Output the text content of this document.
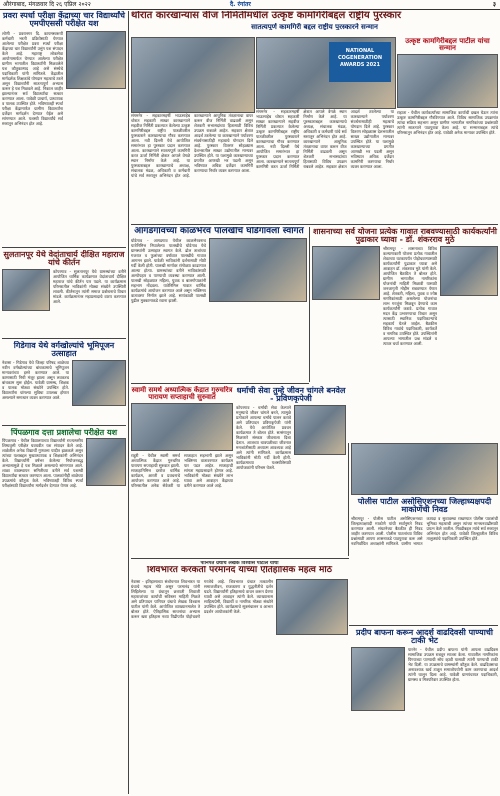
औरंगाबाद, मंगळवार दि २६ एप्रिल २०२२	दै. रंगांतर	३
प्रवरा स्पर्धा परीक्षा केंद्राच्या चार विद्यार्थ्यांचे एमपीएससी परीक्षेत यश

लोणी - प्रवरानगर दि. कायमस्वरूपी कर्मचारी भरती प्रक्रियेसाठी घेण्यात आलेल्या परीक्षेत प्रवरा स्पर्धा परीक्षा केंद्राच्या चार विद्यार्थ्यांनी उत्तुंग यश संपादन केले आहे. महाराष्ट्र लोकसेवा आयोगामार्फत घेण्यात आलेल्या परीक्षेत ग्रामीण भागातील विद्यार्थ्यांनी मिळवलेले यश कौतुकास्पद आहे असे संस्थेचे पदाधिकारी यांनी सांगितले. केंद्रातील मार्गदर्शक शिक्षकांचे योगदान महत्वाचे ठरले असून विद्यार्थ्यांनी सातत्यपूर्ण अभ्यास करून हे यश मिळवले आहे. निकाल जाहीर झाल्यानंतर सर्व विद्यार्थ्यांचा सत्कार करण्यात आला. यावेळी प्राचार्य, प्राध्यापक व पालक उपस्थित होते. भविष्यातही स्पर्धा परीक्षा केंद्रामार्फत ग्रामीण विद्यार्थ्यांना दर्जेदार मार्गदर्शन देण्यात येईल असे सांगण्यात आले. यशस्वी विद्यार्थ्यांचे सर्व स्तरातून अभिनंदन होत आहे.

सुलतानपूर येथे वेदांताचार्य दीक्षित महाराज यांचे कीर्तन

कोपरगाव - सुलतानपूर येथे ग्रामस्थांच्या वतीने आयोजित धार्मिक कार्यक्रमात वेदांताचार्य दीक्षित महाराज यांचे कीर्तन पार पडले. या कार्यक्रमास परिसरातील भाविकांनी मोठ्या संख्येने उपस्थिती लावली. कीर्तनातून त्यांनी समाज प्रबोधनाचे विचार मांडले. कार्यक्रमानंतर महाप्रसादाचे वाटप करण्यात आले.

गिडेगाव येथे वर्गखोल्यांचे भूमिपूजन उत्साहात

नेवासा - गिडेगाव येथे जिल्हा परिषद शाळेच्या नवीन वर्गखोल्यांच्या बांधकामाचे भूमिपूजन मान्यवरांच्या हस्ते करण्यात आले. या कामासाठी निधी मंजूर झाला असून लवकरच बांधकाम सुरू होईल. यावेळी ग्रामस्थ, शिक्षक व पालक मोठ्या संख्येने उपस्थित होते. विद्यार्थ्यांना चांगल्या सुविधा उपलब्ध होणार असल्याने समाधान व्यक्त करण्यात आले.

पिंपळगाव दत्ता प्रशालेचा परीक्षेत यश

पिंपळगाव - येथील विद्यालयाच्या विद्यार्थ्यांनी राज्यस्तरीय शिष्यवृत्ती परीक्षेत घवघवीत यश संपादन केले आहे. शाळेतील अनेक विद्यार्थी गुणवत्ता यादीत झळकले असून त्यांच्या यशाबद्दल मुख्याध्यापक व शिक्षकांनी अभिनंदन केले. विद्यार्थ्यांनी वर्षभर केलेल्या नियोजनबद्ध अभ्यासामुळे हे यश मिळाले असल्याचे सांगण्यात आले. शाळा व्यवस्थापन समितीच्या वतीने सर्व यशस्वी विद्यार्थ्यांचा सत्कार करण्यात आला. पालकांनीही शाळेच्या उपक्रमांचे कौतुक केले. भविष्यातही विविध स्पर्धा परीक्षांसाठी विद्यार्थ्यांना मार्गदर्शन देण्यात येणार आहे.

थोरात कारखान्यास वीज निर्मितीमधील उत्कृष्ट कामगिरीबद्दल राष्ट्रीय पुरस्कार
सातत्यपूर्ण कामगिरी बद्दल राष्ट्रीय पुरस्कारने सन्मान

संगमनेर - सहकारमहर्षी भाऊसाहेब थोरात सहकारी साखर कारखान्याने सहवीज निर्मिती प्रकल्पात केलेल्या उत्कृष्ट कामगिरीबद्दल राष्ट्रीय पातळीवरील पुरस्काराने कारखान्याचा गौरव करण्यात आला. नवी दिल्ली येथे आयोजित समारंभात हा पुरस्कार प्रदान करण्यात आला. कारखान्याने सातत्यपूर्ण कामगिरी करत ऊर्जा निर्मिती क्षेत्रात आपले वेगळे स्थान निर्माण केले आहे. या पुरस्काराबद्दल कारखान्याचे अध्यक्ष, संचालक मंडळ, अधिकारी व कर्मचारी यांचे सर्व स्तरातून अभिनंदन होत आहे. कारखान्याने आधुनिक तंत्रज्ञानाचा वापर करून वीज निर्मिती वाढवली असून शेतकरी सभासदांच्या हितासाठी विविध उपक्रम राबवले आहेत. सहकार क्षेत्रात आदर्श ठरलेल्या या कारखान्याने पर्यावरण संवर्धनासाठीही महत्वाचे योगदान दिले आहे. पुरस्कार वितरण सोहळ्यास देशभरातील साखर उद्योगातील मान्यवर उपस्थित होते. या यशामुळे कारखान्याच्या प्रगतीत आणखी भर पडली असून भविष्यात अधिक दर्जेदार कामगिरी करण्याचा निर्धार व्यक्त करण्यात आला.

NATIONAL COGENERATION AWARDS 2021

संगमनेर - सहकारमहर्षी भाऊसाहेब थोरात सहकारी साखर कारखान्याने सहवीज निर्मिती प्रकल्पात केलेल्या उत्कृष्ट कामगिरीबद्दल राष्ट्रीय पातळीवरील पुरस्काराने कारखान्याचा गौरव करण्यात आला. नवी दिल्ली येथे आयोजित समारंभात हा पुरस्कार प्रदान करण्यात आला. कारखान्याने सातत्यपूर्ण कामगिरी करत ऊर्जा निर्मिती क्षेत्रात आपले वेगळे स्थान निर्माण केले आहे. या पुरस्काराबद्दल कारखान्याचे अध्यक्ष, संचालक मंडळ, अधिकारी व कर्मचारी यांचे सर्व स्तरातून अभिनंदन होत आहे. कारखान्याने आधुनिक तंत्रज्ञानाचा वापर करून वीज निर्मिती वाढवली असून शेतकरी सभासदांच्या हितासाठी विविध उपक्रम राबवले आहेत. सहकार क्षेत्रात आदर्श ठरलेल्या या कारखान्याने पर्यावरण संवर्धनासाठीही महत्वाचे योगदान दिले आहे. पुरस्कार वितरण सोहळ्यास देशभरातील साखर उद्योगातील मान्यवर उपस्थित होते. या यशामुळे कारखान्याच्या प्रगतीत आणखी भर पडली असून भविष्यात अधिक दर्जेदार कामगिरी करण्याचा निर्धार व्यक्त करण्यात आला.

उत्कृष्ट कामगिरीबद्दल पाटील यांचा सन्मान

राहाता - येथील कार्यकर्त्यांच्या सामाजिक कार्याची दखल घेऊन त्यांना उत्कृष्ट कामगिरीबद्दल गौरविण्यात आले. विविध सामाजिक उपक्रमांत त्यांचा सक्रिय सहभाग असून ग्रामीण भागातील नागरिकांच्या प्रश्नांसाठी त्यांनी सातत्याने पाठपुरावा केला आहे. या सन्मानाबद्दल त्यांचे परिसरातून अभिनंदन होत आहे. यावेळी अनेक मान्यवर उपस्थित होते.

आगडगावच्या काळभैरव पालखीचे घोडेगावला स्वागत

घोडेगाव - आगडगाव येथील काळभैरवनाथ यात्रेनिमित्त निघालेल्या पालखीचे घोडेगाव येथे ग्रामस्थांनी उत्साहात स्वागत केले. ढोल ताशांच्या गजरात व फुलांच्या वर्षावात पालखीचे गावात आगमन झाले. यावेळी भाविकांनी दर्शनासाठी मोठी गर्दी केली होती. पालखी मार्गावर रांगोळ्या काढण्यात आल्या होत्या. ग्रामस्थांच्या वतीने भाविकांसाठी अल्पोपहार व पाण्याची व्यवस्था करण्यात आली. पालखी सोहळ्यात महिला, युवक व बालगोपाळांनी सहभाग नोंदवला. यात्रेनिमित्त गावात धार्मिक कार्यक्रमांचे आयोजन करण्यात आले असून भक्तिमय वातावरण निर्माण झाले आहे. सायंकाळी पालखी पुढील मुक्कामाकडे रवाना झाली.

शासनाच्या सर्व योजना प्रत्येक गावात राबवण्यासाठी कार्यकर्त्यांनी पुढाकार घ्यावा - डॉ. शंकरराव मुठे

श्रीरामपूर - शासनाच्या विविध कल्याणकारी योजना प्रत्येक गावातील शेवटच्या घटकापर्यंत पोहोचवण्यासाठी कार्यकर्त्यांनी पुढाकार घ्यावा असे आवाहन डॉ. शंकरराव मुठे यांनी केले. आयोजित बैठकीत ते बोलत होते. ग्रामीण भागातील नागरिकांना योजनांची माहिती मिळावी यासाठी जनजागृती मोहीम राबवण्यात येणार आहे. शेतकरी, महिला, युवक व ज्येष्ठ नागरिकांसाठी असलेल्या योजनांचा लाभ गरजूंना मिळवून देण्याचे काम कार्यकर्त्यांनी करावे. प्रत्येक गावात मदत केंद्र उभारण्याचा विचार असून त्यासाठी स्थानिक पदाधिकाऱ्यांचे सहकार्य घेतले जाईल. बैठकीस विविध गावांचे पदाधिकारी, कार्यकर्ते व नागरिक उपस्थित होते. उपस्थितांनी आपल्या भागातील प्रश्न मांडले व त्यावर चर्चा करण्यात आली.

स्वामी समर्थ अध्यात्मिक केंद्रात गुरुचरित्र पारायण सप्ताहाची सुरुवात

राहुरी - येथील स्वामी समर्थ अध्यात्मिक केंद्रात गुरुचरित्र पारायण सप्ताहाची सुरुवात झाली. सप्ताहानिमित्त दररोज धार्मिक कार्यक्रम, आरती व प्रवचनाचे आयोजन करण्यात आले आहे. परिसरातील अनेक सेवेकरी या सप्ताहात सहभागी झाले असून भक्तिमय वातावरणात कार्यक्रम पार पडत आहेत. सप्ताहाची सांगता महाप्रसादाने होणार आहे. भाविकांनी मोठ्या संख्येने लाभ घ्यावा असे आवाहन केंद्राच्या वतीने करण्यात आले आहे.

धर्माची सेवा तुम्हे जीवन चांगले बनवेल - प्रविणकृपेजी

कोपरगाव - धर्माची सेवा केल्याने मनुष्याचे जीवन चांगले बनते, त्यामुळे प्रत्येकाने आपल्या धर्माचे पालन करावे असे प्रतिपादन प्रविणकृपेजी यांनी केले. येथे आयोजित प्रवचन कार्यक्रमात ते बोलत होते. सत्संगातून मिळणारे संस्कार जीवनाला दिशा देतात. आजच्या धावपळीच्या जीवनात मनःशांतीसाठी अध्यात्म आवश्यक आहे असे त्यांनी सांगितले. कार्यक्रमास भाविकांनी मोठी गर्दी केली होती. कार्यक्रमाच्या यशस्वीतेसाठी आयोजकांनी परिश्रम घेतले.

पोलीस पाटील असोसिएशनच्या जिल्हाध्यक्षपदी माकोणेंची निवड

श्रीरामपूर - पोलीस पाटील असोसिएशनच्या जिल्हाध्यक्षपदी माकोणे यांची सर्वानुमते निवड करण्यात आली. संघटनेच्या बैठकीत ही निवड जाहीर करण्यात आली. पोलीस पाटलांच्या विविध प्रश्नांसाठी आपण शासनाकडे पाठपुरावा करू असे नवनिर्वाचित अध्यक्षांनी सांगितले. ग्रामीण भागात कायदा व सुव्यवस्था राखण्यात पोलीस पाटलांची भूमिका महत्वाची असून त्यांच्या मानधनवाढीसाठी प्रयत्न केले जातील. निवडीबद्दल त्यांचे सर्व स्तरातून अभिनंदन होत आहे. यावेळी जिल्ह्यातील विविध तालुक्यांचे पदाधिकारी उपस्थित होते.

पानिपत ग्रंथाचे लेखक विश्वास पाटील यांची
शिवभारत करकर्ता परमानंद यांच्या ऐतिहासिक महत्व मोठे

नेवासा - इतिहासाच्या संशोधनात शिवभारत या ग्रंथाचे महत्व मोठे असून परमानंद यांनी लिहिलेल्या या ग्रंथातून छत्रपती शिवाजी महाराजांच्या कार्याची सविस्तर माहिती मिळते असे प्रतिपादन पानिपत ग्रंथाचे लेखक विश्वास पाटील यांनी केले. आयोजित व्याख्यानमालेत ते बोलत होते. ऐतिहासिक साधनांचा अभ्यास करून खरा इतिहास नव्या पिढीपर्यंत पोहोचवणे गरजेचे आहे. शिवभारत ग्रंथात तत्कालीन समाजजीवन, राजकारण व युद्धनीतीचे दर्शन घडते. विद्यार्थ्यांनी इतिहासाचे वाचन करून प्रेरणा घ्यावी असे आवाहन त्यांनी केले. व्याख्यानास साहित्यप्रेमी, विद्यार्थी व नागरिक मोठ्या संख्येने उपस्थित होते. कार्यक्रमाचे सूत्रसंचालन व आभार प्रदर्शन आयोजकांनी केले.

प्रदीप बाफना करून आदर्श वाढदिवसी पाण्याची टाकी भेट

पारनेर - येथील प्रदीप बाफना यांनी आपला वाढदिवस सामाजिक उपक्रम राबवून साजरा केला. गावातील नागरिकांना पिण्याच्या पाण्याची सोय व्हावी यासाठी त्यांनी पाण्याची टाकी भेट दिली. या उपक्रमाचे ग्रामस्थांनी कौतुक केले. वाढदिवसाचा अनावश्यक खर्च टाळून समाजोपयोगी काम करण्याचा आदर्श त्यांनी घालून दिला आहे. यावेळी ग्रामपंचायत पदाधिकारी, ग्रामस्थ व मित्रपरिवार उपस्थित होता.
